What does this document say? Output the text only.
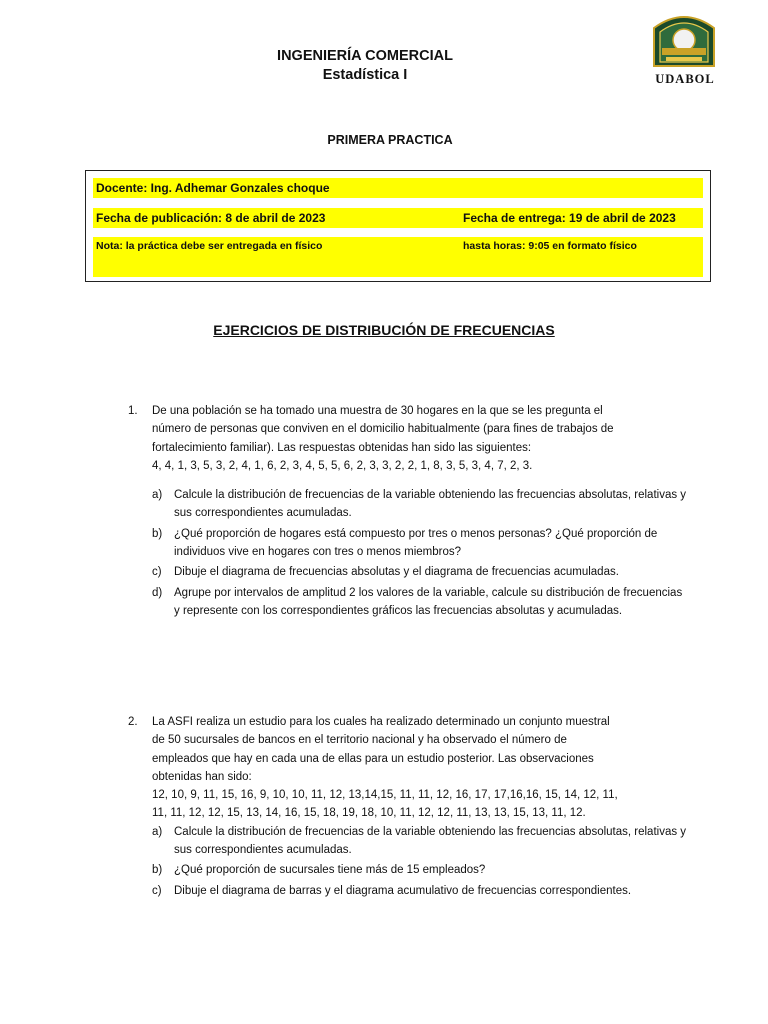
INGENIERÍA COMERCIAL
Estadística I	UDABOL
PRIMERA PRACTICA
Docente: Ing. Adhemar Gonzales choque
Fecha de publicación: 8 de abril de 2023	Fecha de entrega: 19 de abril de 2023
Nota: la práctica debe ser entregada en físico	hasta horas: 9:05 en formato físico
EJERCICIOS DE DISTRIBUCIÓN DE FRECUENCIAS
1. De una población se ha tomado una muestra de 30 hogares en la que se les pregunta el

número de personas que conviven en el domicilio habitualmente (para fines de trabajos de

fortalecimiento familiar). Las respuestas obtenidas han sido las siguientes:

4, 4, 1, 3, 5, 3, 2, 4, 1, 6, 2, 3, 4, 5, 5, 6, 2, 3, 3, 2, 2, 1, 8, 3, 5, 3, 4, 7, 2, 3.

a) Calcule la distribución de frecuencias de la variable obteniendo las frecuencias absolutas, relativas y sus correspondientes acumuladas.
b) ¿Qué proporción de hogares está compuesto por tres o menos personas? ¿Qué proporción de individuos vive en hogares con tres o menos miembros?
c) Dibuje el diagrama de frecuencias absolutas y el diagrama de frecuencias acumuladas.
d) Agrupe por intervalos de amplitud 2 los valores de la variable, calcule su distribución de frecuencias y represente con los correspondientes gráficos las frecuencias absolutas y acumuladas.
2. La ASFI realiza un estudio para los cuales ha realizado determinado un conjunto muestral

de 50 sucursales de bancos en el territorio nacional y ha observado el número de

empleados que hay en cada una de ellas para un estudio posterior. Las observaciones

obtenidas han sido:

12, 10, 9, 11, 15, 16, 9, 10, 10, 11, 12, 13,14,15, 11, 11, 12, 16, 17, 17,16,16, 15, 14, 12, 11,

11, 11, 12, 12, 15, 13, 14, 16, 15, 18, 19, 18, 10, 11, 12, 12, 11, 13, 13, 15, 13, 11, 12.

a) Calcule la distribución de frecuencias de la variable obteniendo las frecuencias absolutas, relativas y sus correspondientes acumuladas.
b) ¿Qué proporción de sucursales tiene más de 15 empleados?
c) Dibuje el diagrama de barras y el diagrama acumulativo de frecuencias correspondientes.
